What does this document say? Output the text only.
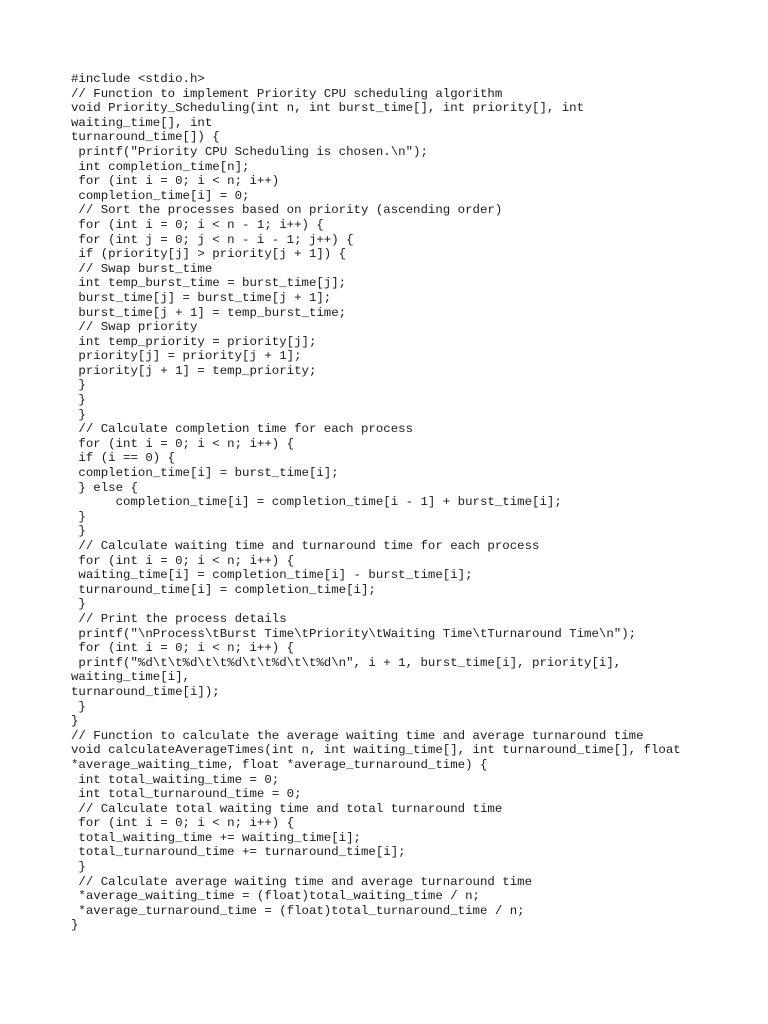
#include <stdio.h>
// Function to implement Priority CPU scheduling algorithm
void Priority_Scheduling(int n, int burst_time[], int priority[], int
waiting_time[], int
turnaround_time[]) {
printf("Priority CPU Scheduling is chosen.\n");
int completion_time[n];
for (int i = 0; i < n; i++)
completion_time[i] = 0;
// Sort the processes based on priority (ascending order)
for (int i = 0; i < n - 1; i++) {
for (int j = 0; j < n - i - 1; j++) {
if (priority[j] > priority[j + 1]) {
// Swap burst_time
int temp_burst_time = burst_time[j];
burst_time[j] = burst_time[j + 1];
burst_time[j + 1] = temp_burst_time;
// Swap priority
int temp_priority = priority[j];
priority[j] = priority[j + 1];
priority[j + 1] = temp_priority;
}
}
}
// Calculate completion time for each process
for (int i = 0; i < n; i++) {
if (i == 0) {
completion_time[i] = burst_time[i];
} else {
completion_time[i] = completion_time[i - 1] + burst_time[i];
}
}
// Calculate waiting time and turnaround time for each process
for (int i = 0; i < n; i++) {
waiting_time[i] = completion_time[i] - burst_time[i];
turnaround_time[i] = completion_time[i];
}
// Print the process details
printf("\nProcess\tBurst Time\tPriority\tWaiting Time\tTurnaround Time\n");
for (int i = 0; i < n; i++) {
printf("%d\t\t%d\t\t%d\t\t%d\t\t%d\n", i + 1, burst_time[i], priority[i],
waiting_time[i],
turnaround_time[i]);
}
}
// Function to calculate the average waiting time and average turnaround time
void calculateAverageTimes(int n, int waiting_time[], int turnaround_time[], float
*average_waiting_time, float *average_turnaround_time) {
int total_waiting_time = 0;
int total_turnaround_time = 0;
// Calculate total waiting time and total turnaround time
for (int i = 0; i < n; i++) {
total_waiting_time += waiting_time[i];
total_turnaround_time += turnaround_time[i];
}
// Calculate average waiting time and average turnaround time
*average_waiting_time = (float)total_waiting_time / n;
*average_turnaround_time = (float)total_turnaround_time / n;
}
